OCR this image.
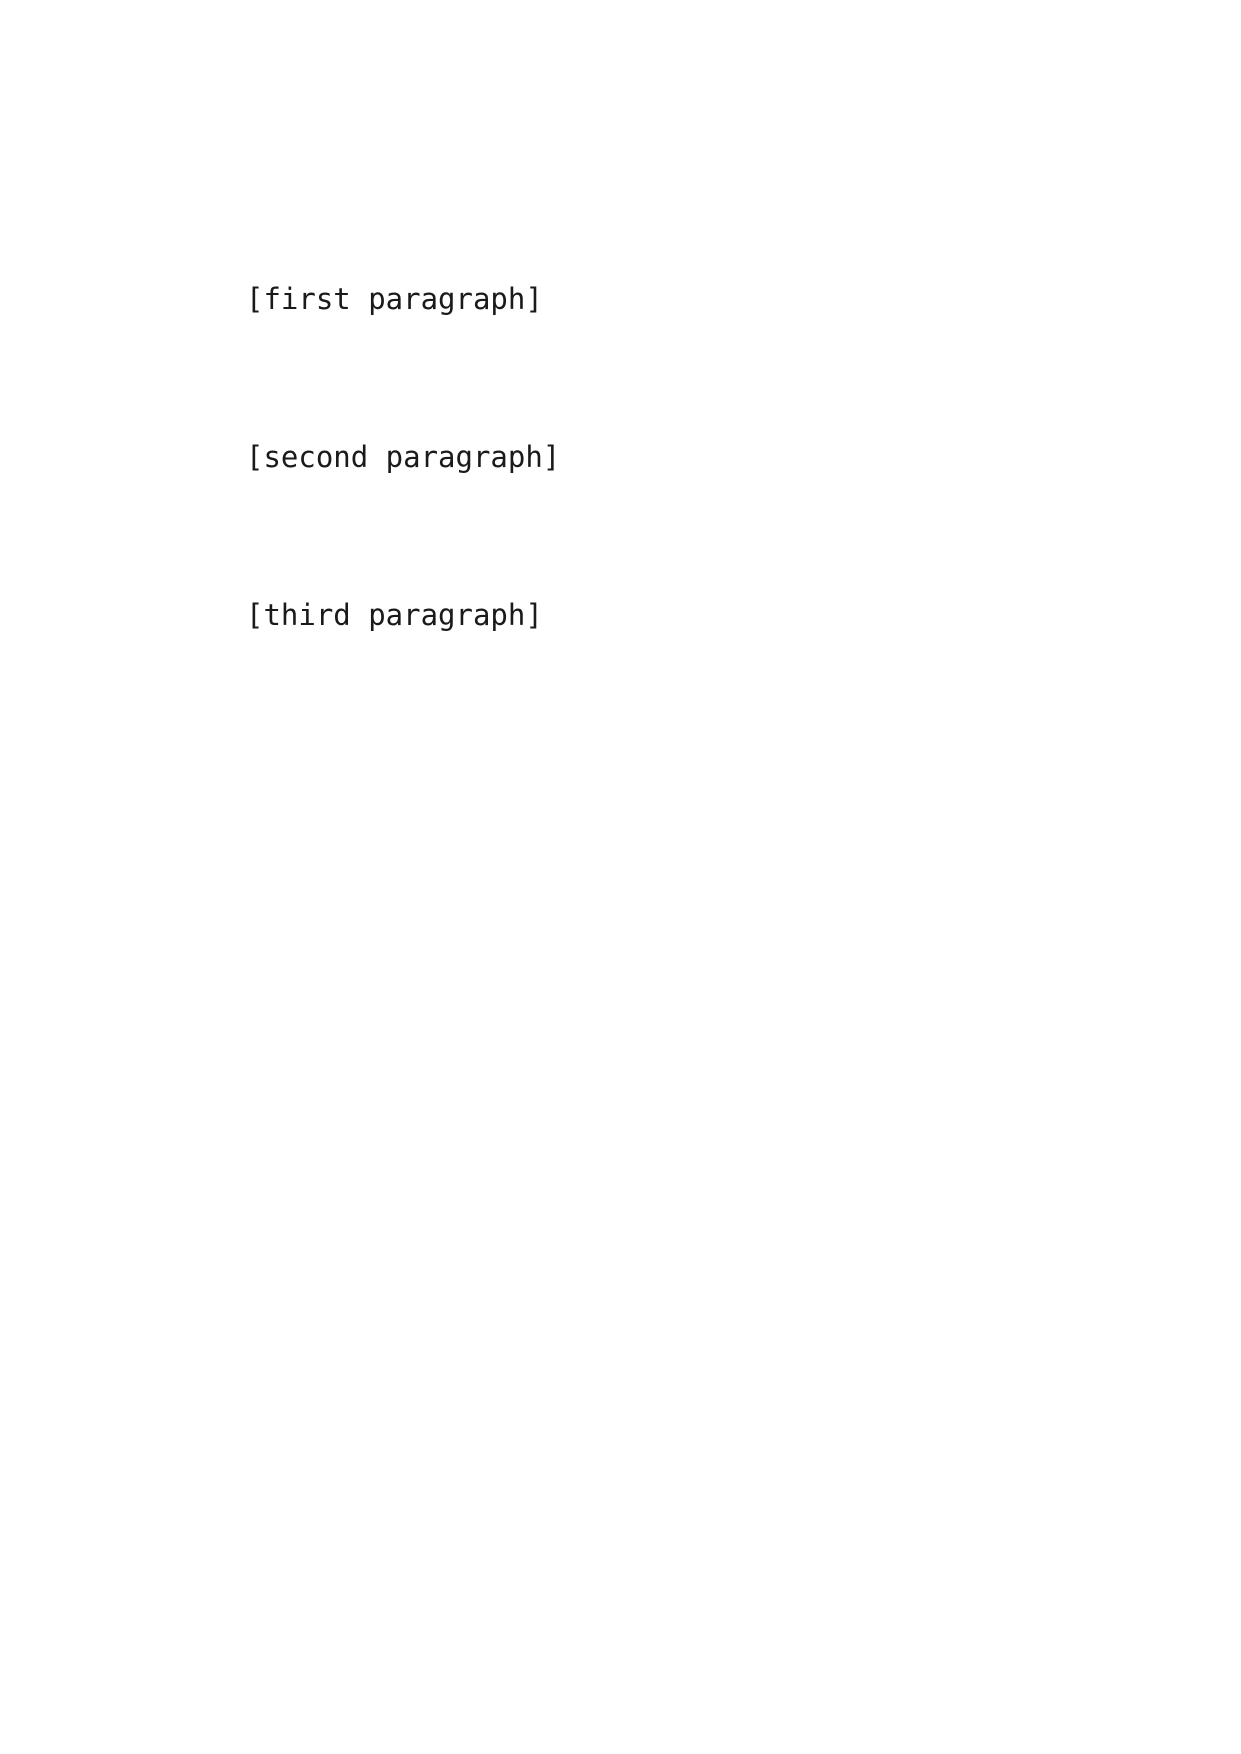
[first paragraph]

[second paragraph]

[third paragraph]
